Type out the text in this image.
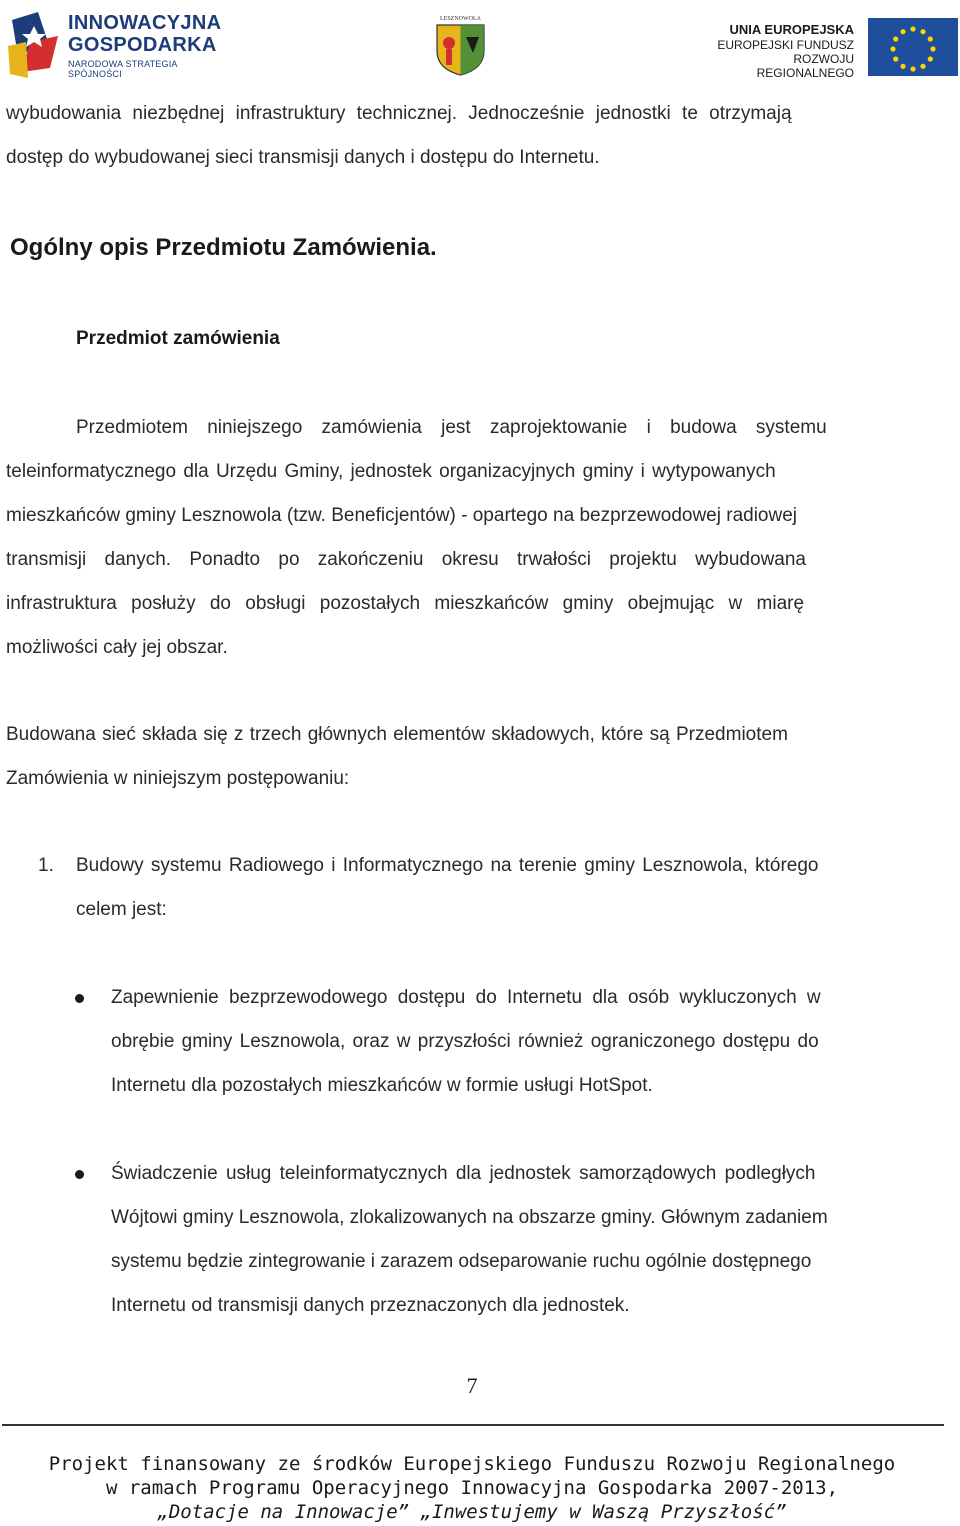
INNOWACYJNA
GOSPODARKA
NARODOWA STRATEGIA SPÓJNOŚCI
LESZNOWOLA
UNIA EUROPEJSKA
EUROPEJSKI FUNDUSZ
ROZWOJU REGIONALNEGO
wybudowania niezbędnej infrastruktury technicznej. Jednocześnie jednostki te otrzymają
dostęp do wybudowanej sieci transmisji danych i dostępu do Internetu.
Ogólny opis Przedmiotu Zamówienia.
Przedmiot zamówienia
Przedmiotem niniejszego zamówienia jest zaprojektowanie i budowa systemu
teleinformatycznego dla Urzędu Gminy, jednostek organizacyjnych gminy i wytypowanych
mieszkańców gminy Lesznowola (tzw. Beneficjentów) - opartego na bezprzewodowej radiowej
transmisji danych. Ponadto po zakończeniu okresu trwałości projektu wybudowana
infrastruktura posłuży do obsługi pozostałych mieszkańców gminy obejmując w miarę
możliwości cały jej obszar.
Budowana sieć składa się z trzech głównych elementów składowych, które są Przedmiotem
Zamówienia w niniejszym postępowaniu:
1. Budowy systemu Radiowego i Informatycznego na terenie gminy Lesznowola, którego
celem jest:
Zapewnienie bezprzewodowego dostępu do Internetu dla osób wykluczonych w
obrębie gminy Lesznowola, oraz w przyszłości również ograniczonego dostępu do
Internetu dla pozostałych mieszkańców w formie usługi HotSpot.
Świadczenie usług teleinformatycznych dla jednostek samorządowych podległych
Wójtowi gminy Lesznowola, zlokalizowanych na obszarze gminy. Głównym zadaniem
systemu będzie zintegrowanie i zarazem odseparowanie ruchu ogólnie dostępnego
Internetu od transmisji danych przeznaczonych dla jednostek.
7
Projekt finansowany ze środków Europejskiego Funduszu Rozwoju Regionalnego
w ramach Programu Operacyjnego Innowacyjna Gospodarka 2007-2013,
„Dotacje na Innowacje” „Inwestujemy w Waszą Przyszłość”
